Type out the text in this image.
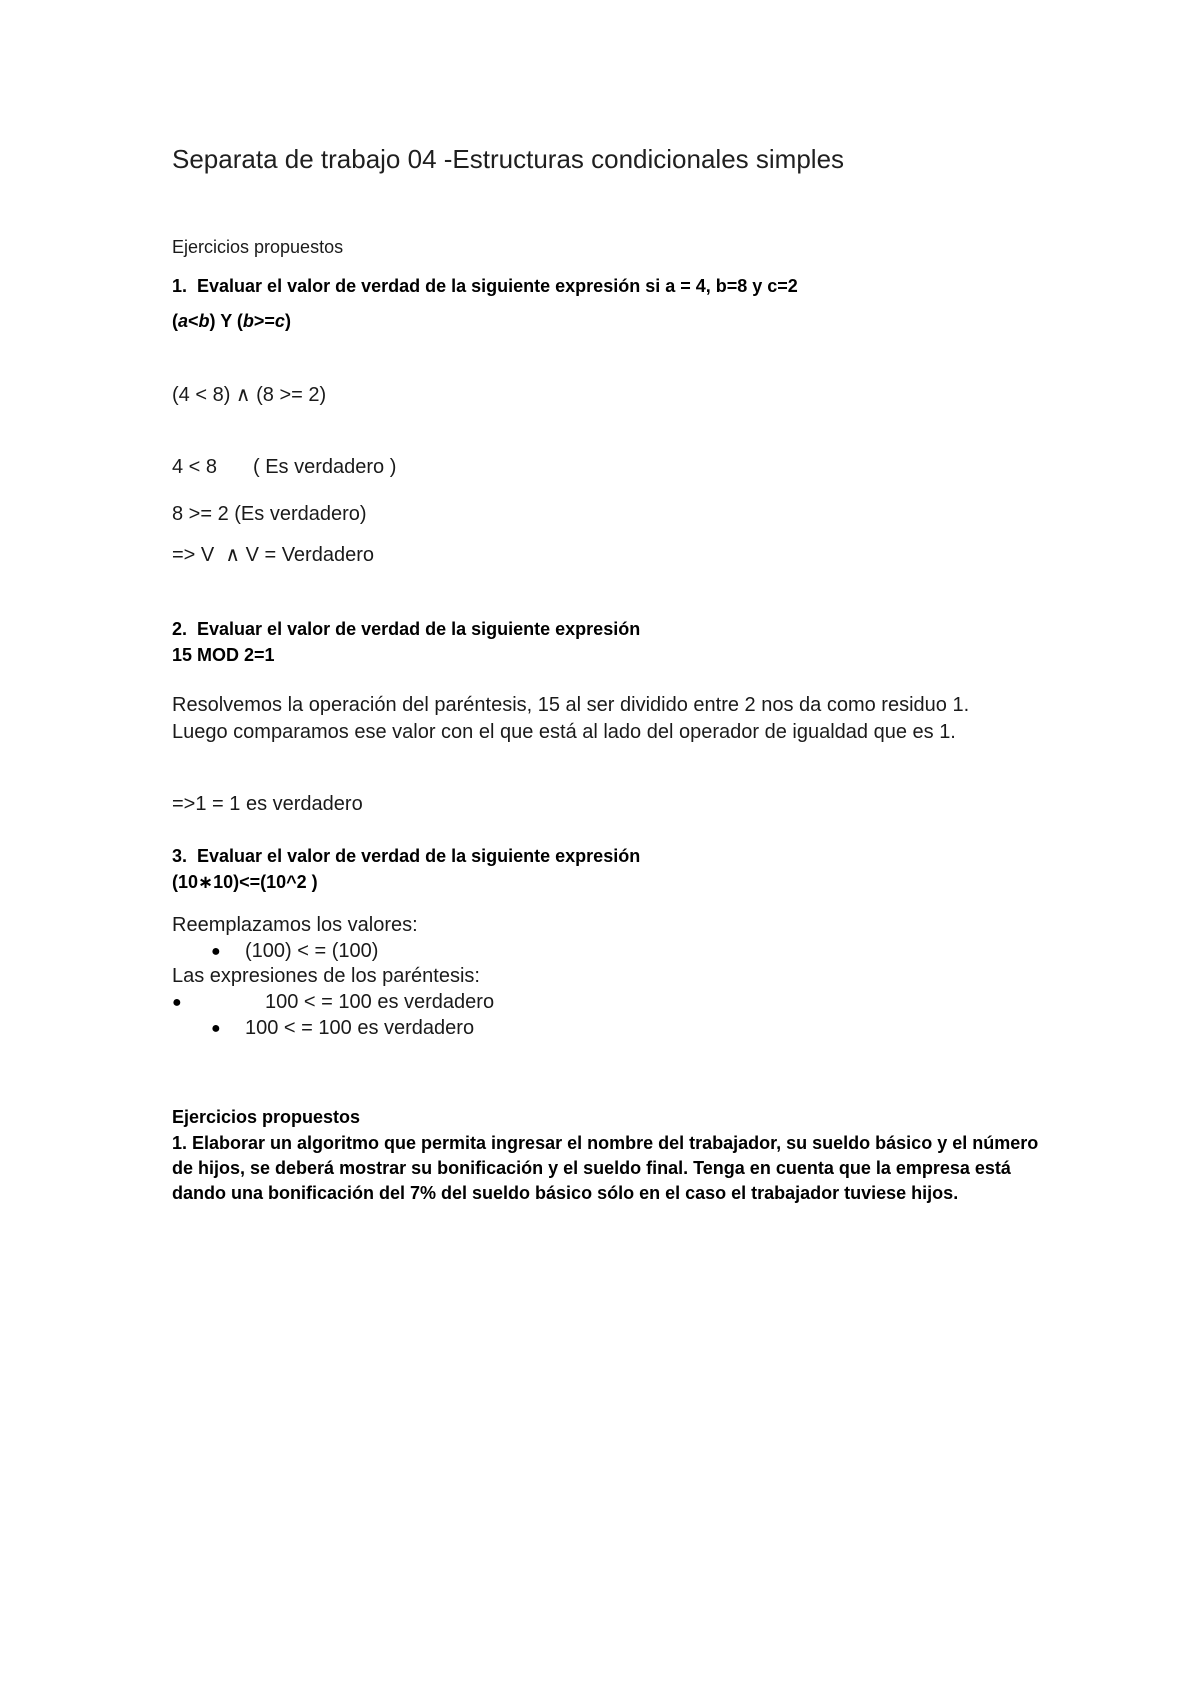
Separata de trabajo 04 -Estructuras condicionales simples

Ejercicios propuestos

1.  Evaluar el valor de verdad de la siguiente expresión si a = 4, b=8 y c=2

(a<b) Y (b>=c)

(4 < 8) ∧ (8 >= 2)

4 < 8 ( Es verdadero )

8 >= 2 (Es verdadero)

=> V  ∧ V = Verdadero

2.  Evaluar el valor de verdad de la siguiente expresión

15 MOD 2=1

Resolvemos la operación del paréntesis, 15 al ser dividido entre 2 nos da como residuo 1. Luego comparamos ese valor con el que está al lado del operador de igualdad que es 1.

=>1 = 1 es verdadero

3.  Evaluar el valor de verdad de la siguiente expresión

(10∗10)<=(10^2 )

Reemplazamos los valores:

● (100) < = (100)

Las expresiones de los paréntesis:

●	100 < = 100 es verdadero

● 100 < = 100 es verdadero

Ejercicios propuestos

1. Elaborar un algoritmo que permita ingresar el nombre del trabajador, su sueldo básico y el número de hijos, se deberá mostrar su bonificación y el sueldo final. Tenga en cuenta que la empresa está dando una bonificación del 7% del sueldo básico sólo en el caso el trabajador tuviese hijos.
